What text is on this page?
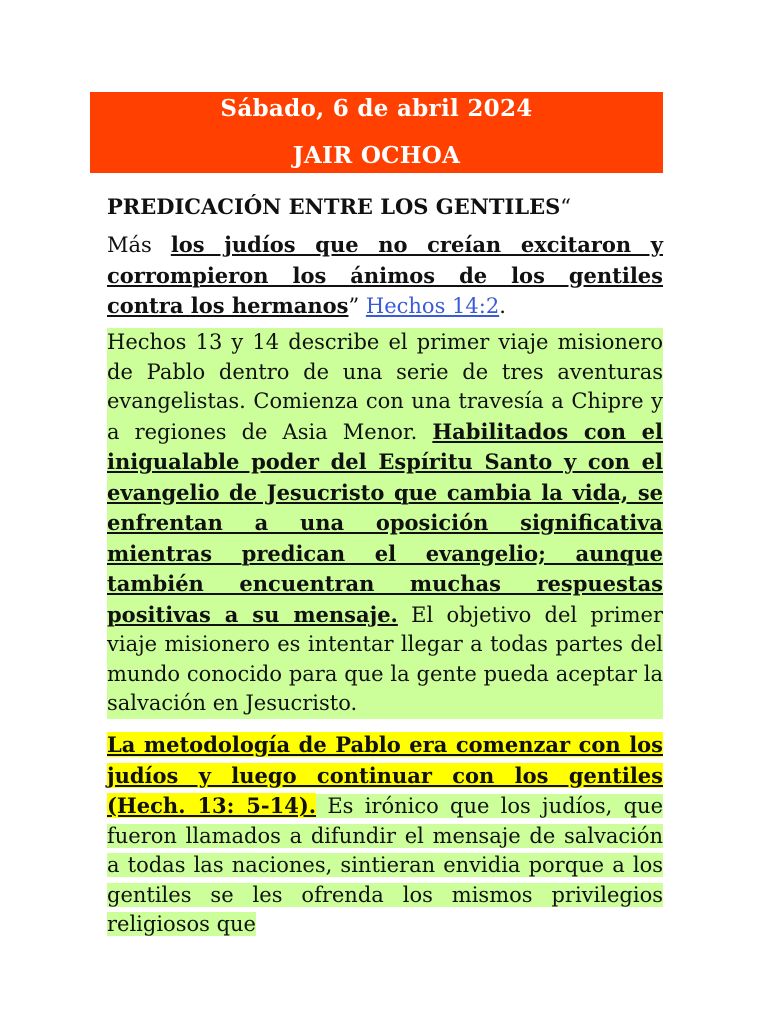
Sábado, 6 de abril 2024
JAIR OCHOA
PREDICACIÓN ENTRE LOS GENTILES“
Más los judíos que no creían excitaron y corrompieron los ánimos de los gentiles contra los hermanos” Hechos 14:2.
Hechos 13 y 14 describe el primer viaje misionero de Pablo dentro de una serie de tres aventuras evangelistas. Comienza con una travesía a Chipre y a regiones de Asia Menor. Habilitados con el inigualable poder del Espíritu Santo y con el evangelio de Jesucristo que cambia la vida, se enfrentan a una oposición significativa mientras predican el evangelio; aunque también encuentran muchas respuestas positivas a su mensaje. El objetivo del primer viaje misionero es intentar llegar a todas partes del mundo conocido para que la gente pueda aceptar la salvación en Jesucristo.
La metodología de Pablo era comenzar con los judíos y luego continuar con los gentiles (Hech. 13: 5-14). Es irónico que los judíos, que fueron llamados a difundir el mensaje de salvación a todas las naciones, sintieran envidia porque a los gentiles se les ofrenda los mismos privilegios religiosos que
